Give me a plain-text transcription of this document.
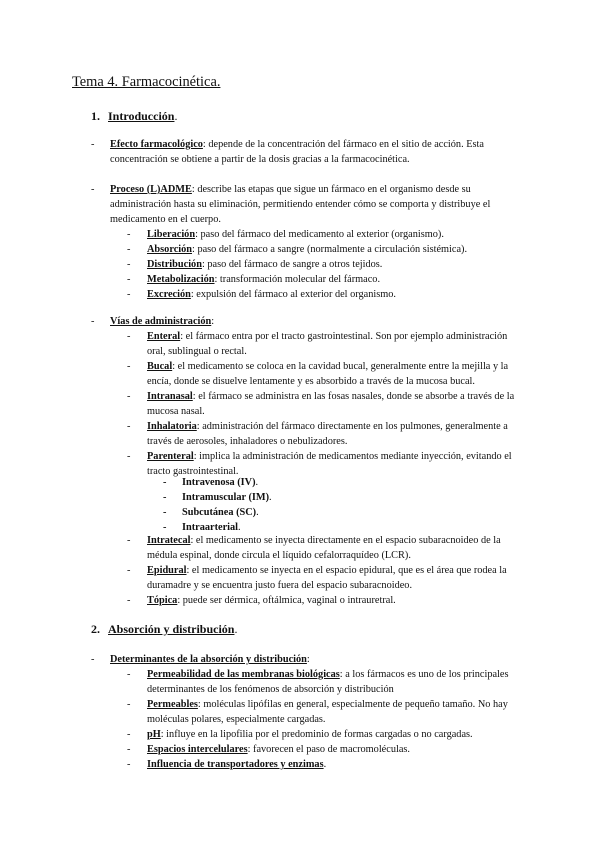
Tema 4. Farmacocinética.
1. Introducción.
- Efecto farmacológico: depende de la concentración del fármaco en el sitio de acción. Esta concentración se obtiene a partir de la dosis gracias a la farmacocinética.
- Proceso (L)ADME: describe las etapas que sigue un fármaco en el organismo desde su administración hasta su eliminación, permitiendo entender cómo se comporta y distribuye el medicamento en el cuerpo.
- Liberación: paso del fármaco del medicamento al exterior (organismo).
- Absorción: paso del fármaco a sangre (normalmente a circulación sistémica).
- Distribución: paso del fármaco de sangre a otros tejidos.
- Metabolización: transformación molecular del fármaco.
- Excreción: expulsión del fármaco al exterior del organismo.
- Vías de administración:
- Enteral: el fármaco entra por el tracto gastrointestinal. Son por ejemplo administración oral, sublingual o rectal.
- Bucal: el medicamento se coloca en la cavidad bucal, generalmente entre la mejilla y la encía, donde se disuelve lentamente y es absorbido a través de la mucosa bucal.
- Intranasal: el fármaco se administra en las fosas nasales, donde se absorbe a través de la mucosa nasal.
- Inhalatoria: administración del fármaco directamente en los pulmones, generalmente a través de aerosoles, inhaladores o nebulizadores.
- Parenteral: implica la administración de medicamentos mediante inyección, evitando el tracto gastrointestinal.
- Intravenosa (IV).
- Intramuscular (IM).
- Subcutánea (SC).
- Intraarterial.
- Intratecal: el medicamento se inyecta directamente en el espacio subaracnoideo de la médula espinal, donde circula el líquido cefalorraquídeo (LCR).
- Epidural: el medicamento se inyecta en el espacio epidural, que es el área que rodea la duramadre y se encuentra justo fuera del espacio subaracnoideo.
- Tópica: puede ser dérmica, oftálmica, vaginal o intrauretral.
2. Absorción y distribución.
- Determinantes de la absorción y distribución:
- Permeabilidad de las membranas biológicas: a los fármacos es uno de los principales determinantes de los fenómenos de absorción y distribución
- Permeables: moléculas lipófilas en general, especialmente de pequeño tamaño. No hay moléculas polares, especialmente cargadas.
- pH: influye en la lipofilia por el predominio de formas cargadas o no cargadas.
- Espacios intercelulares: favorecen el paso de macromoléculas.
- Influencia de transportadores y enzimas.
